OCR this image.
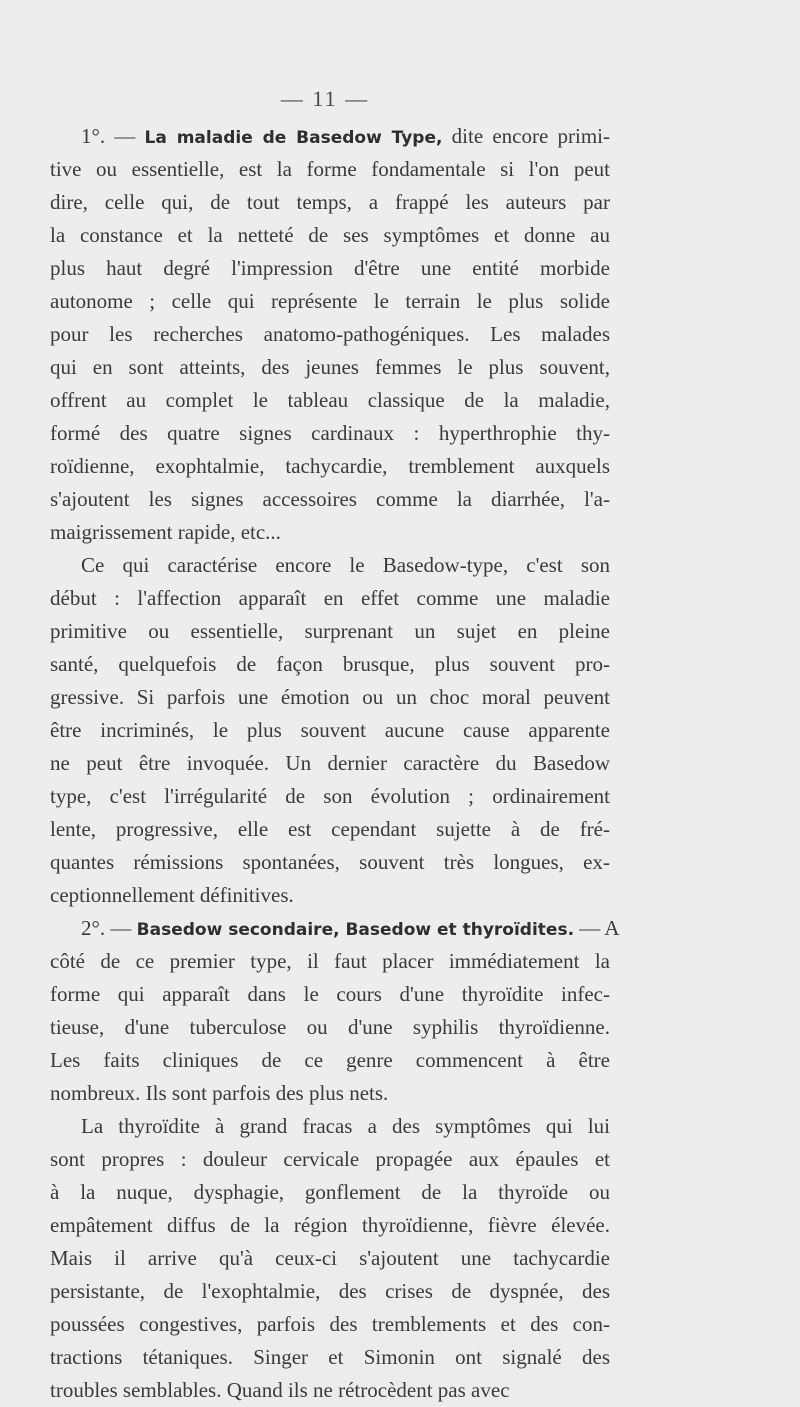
— 11 —
1°. — La maladie de Basedow Type, dite encore primi-
tive ou essentielle, est la forme fondamentale si l'on peut
dire, celle qui, de tout temps, a frappé les auteurs par
la constance et la netteté de ses symptômes et donne au
plus haut degré l'impression d'être une entité morbide
autonome ; celle qui représente le terrain le plus solide
pour les recherches anatomo-pathogéniques. Les malades
qui en sont atteints, des jeunes femmes le plus souvent,
offrent au complet le tableau classique de la maladie,
formé des quatre signes cardinaux : hyperthrophie thy-
roïdienne, exophtalmie, tachycardie, tremblement auxquels
s'ajoutent les signes accessoires comme la diarrhée, l'a-
maigrissement rapide, etc...
Ce qui caractérise encore le Basedow-type, c'est son
début : l'affection apparaît en effet comme une maladie
primitive ou essentielle, surprenant un sujet en pleine
santé, quelquefois de façon brusque, plus souvent pro-
gressive. Si parfois une émotion ou un choc moral peuvent
être incriminés, le plus souvent aucune cause apparente
ne peut être invoquée. Un dernier caractère du Basedow
type, c'est l'irrégularité de son évolution ; ordinairement
lente, progressive, elle est cependant sujette à de fré-
quantes rémissions spontanées, souvent très longues, ex-
ceptionnellement définitives.
2°. — Basedow secondaire, Basedow et thyroïdites. — A
côté de ce premier type, il faut placer immédiatement la
forme qui apparaît dans le cours d'une thyroïdite infec-
tieuse, d'une tuberculose ou d'une syphilis thyroïdienne.
Les faits cliniques de ce genre commencent à être
nombreux. Ils sont parfois des plus nets.
La thyroïdite à grand fracas a des symptômes qui lui
sont propres : douleur cervicale propagée aux épaules et
à la nuque, dysphagie, gonflement de la thyroïde ou
empâtement diffus de la région thyroïdienne, fièvre élevée.
Mais il arrive qu'à ceux-ci s'ajoutent une tachycardie
persistante, de l'exophtalmie, des crises de dyspnée, des
poussées congestives, parfois des tremblements et des con-
tractions tétaniques. Singer et Simonin ont signalé des
troubles semblables. Quand ils ne rétrocèdent pas avec
